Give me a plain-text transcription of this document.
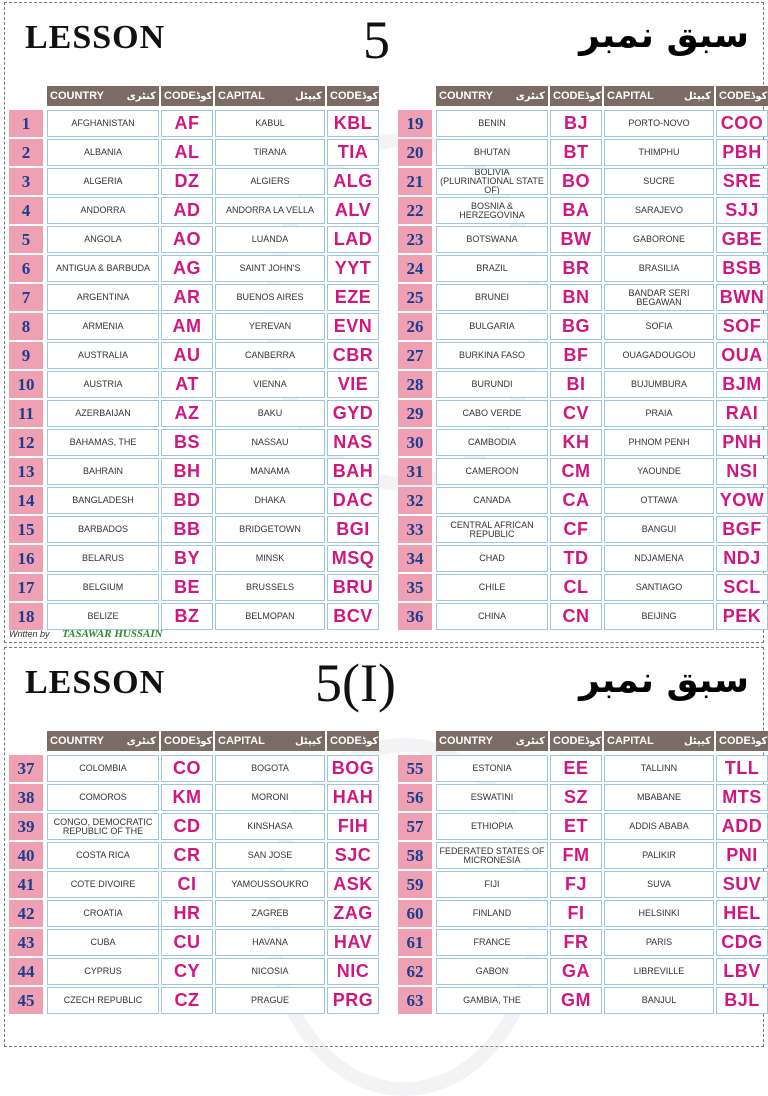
LESSON	5	سبق نمبر
COUNTRY کنٹری CODE کوڈ CAPITAL	کیپٹل CODE کوڈ
1	AFGHANISTAN	AF	KABUL	KBL
2	ALBANIA	AL	TIRANA	TIA
3	ALGERIA	DZ	ALGIERS	ALG
4	ANDORRA	AD	ANDORRA LA VELLA	ALV
5	ANGOLA	AO	LUANDA	LAD
6	ANTIGUA & BARBUDA	AG	SAINT JOHN'S	YYT
7	ARGENTINA	AR	BUENOS AIRES	EZE
8	ARMENIA	AM	YEREVAN	EVN
9	AUSTRALIA	AU	CANBERRA	CBR
10	AUSTRIA	AT	VIENNA	VIE
11	AZERBAIJAN	AZ	BAKU	GYD
12	BAHAMAS, THE	BS	NASSAU	NAS
13	BAHRAIN	BH	MANAMA	BAH
14	BANGLADESH	BD	DHAKA	DAC
15	BARBADOS	BB	BRIDGETOWN	BGI
16	BELARUS	BY	MINSK	MSQ
17	BELGIUM	BE	BRUSSELS	BRU
18	BELIZE	BZ	BELMOPAN	BCV
COUNTRY کنٹری CODE کوڈ CAPITAL	کیپٹل CODE کوڈ
19	BENIN	BJ	PORTO-NOVO	COO
20	BHUTAN	BT	THIMPHU	PBH
21	BOLIVIA (PLURINATIONAL STATE OF)	BO	SUCRE	SRE
22	BOSNIA & HERZEGOVINA	BA	SARAJEVO	SJJ
23	BOTSWANA	BW	GABORONE	GBE
24	BRAZIL	BR	BRASILIA	BSB
25	BRUNEI	BN	BANDAR SERI BEGAWAN	BWN
26	BULGARIA	BG	SOFIA	SOF
27	BURKINA FASO	BF	OUAGADOUGOU	OUA
28	BURUNDI	BI	BUJUMBURA	BJM
29	CABO VERDE	CV	PRAIA	RAI
30	CAMBODIA	KH	PHNOM PENH	PNH
31	CAMEROON	CM	YAOUNDE	NSI
32	CANADA	CA	OTTAWA	YOW
33	CENTRAL AFRICAN REPUBLIC	CF	BANGUI	BGF
34	CHAD	TD	NDJAMENA	NDJ
35	CHILE	CL	SANTIAGO	SCL
36	CHINA	CN	BEIJING	PEK
Written by TASAWAR HUSSAIN
LESSON	5(I)	سبق نمبر
COUNTRY کنٹری CODE کوڈ CAPITAL	کیپٹل CODE کوڈ
37	COLOMBIA	CO	BOGOTA	BOG
38	COMOROS	KM	MORONI	HAH
39	CONGO, DEMOCRATIC REPUBLIC OF THE	CD	KINSHASA	FIH
40	COSTA RICA	CR	SAN JOSE	SJC
41	COTE DIVOIRE	CI	YAMOUSSOUKRO	ASK
42	CROATIA	HR	ZAGREB	ZAG
43	CUBA	CU	HAVANA	HAV
44	CYPRUS	CY	NICOSIA	NIC
45	CZECH REPUBLIC	CZ	PRAGUE	PRG
COUNTRY کنٹری CODE کوڈ CAPITAL	کیپٹل CODE کوڈ
55	ESTONIA	EE	TALLINN	TLL
56	ESWATINI	SZ	MBABANE	MTS
57	ETHIOPIA	ET	ADDIS ABABA	ADD
58	FEDERATED STATES OF MICRONESIA	FM	PALIKIR	PNI
59	FIJI	FJ	SUVA	SUV
60	FINLAND	FI	HELSINKI	HEL
61	FRANCE	FR	PARIS	CDG
62	GABON	GA	LIBREVILLE	LBV
63	GAMBIA, THE	GM	BANJUL	BJL
